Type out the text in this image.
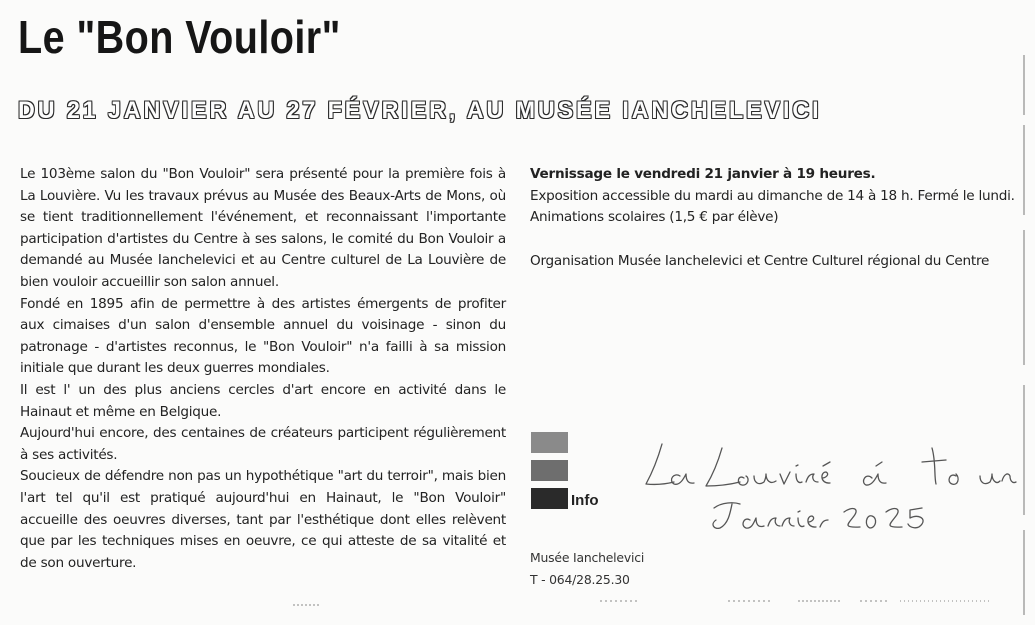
Le "Bon Vouloir"
DU 21 JANVIER AU 27 FÉVRIER, AU MUSÉE IANCHELEVICI

Le 103ème salon du "Bon Vouloir" sera présenté pour la première fois à La Louvière. Vu les travaux prévus au Musée des Beaux-Arts de Mons, où se tient traditionnellement l'événement, et reconnaissant l'importante participation d'artistes du Centre à ses salons, le comité du Bon Vouloir a demandé au Musée Ianchelevici et au Centre culturel de La Louvière de bien vouloir accueillir son salon annuel.

Fondé en 1895 afin de permettre à des artistes émergents de profiter aux cimaises d'un salon d'ensemble annuel du voisinage - sinon du patronage - d'artistes reconnus, le "Bon Vouloir" n'a failli à sa mission initiale que durant les deux guerres mondiales.

Il est l' un des plus anciens cercles d'art encore en activité dans le Hainaut et même en Belgique.

Aujourd'hui encore, des centaines de créateurs participent régulièrement à ses activités.

Soucieux de défendre non pas un hypothétique "art du terroir", mais bien l'art tel qu'il est pratiqué aujourd'hui en Hainaut, le "Bon Vouloir" accueille des oeuvres diverses, tant par l'esthétique dont elles relèvent que par les techniques mises en oeuvre, ce qui atteste de sa vitalité et de son ouverture.

Vernissage le vendredi 21 janvier à 19 heures.

Exposition accessible du mardi au dimanche de 14 à 18 h. Fermé le lundi.

Animations scolaires (1,5 € par élève)

Organisation Musée Ianchelevici et Centre Culturel régional du Centre

Info
Musée Ianchelevici
T - 064/28.25.30
